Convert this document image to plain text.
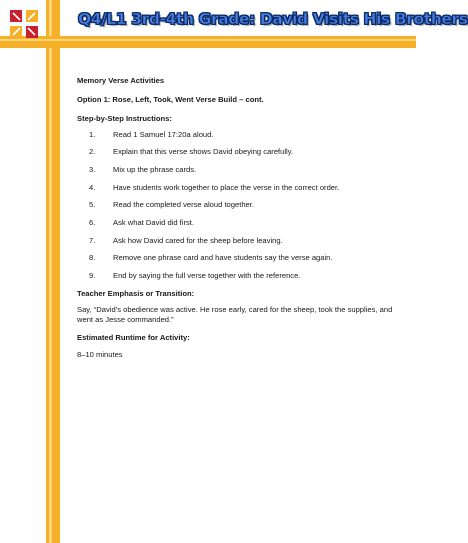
Q4/L1 3rd-4th Grade: David Visits His Brothers
Memory Verse Activities
Option 1: Rose, Left, Took, Went Verse Build – cont.
Step-by-Step Instructions:
1.	Read 1 Samuel 17:20a aloud.
2.	Explain that this verse shows David obeying carefully.
3.	Mix up the phrase cards.
4.	Have students work together to place the verse in the correct order.
5.	Read the completed verse aloud together.
6.	Ask what David did first.
7.	Ask how David cared for the sheep before leaving.
8.	Remove one phrase card and have students say the verse again.
9.	End by saying the full verse together with the reference.
Teacher Emphasis or Transition:

Say, “David’s obedience was active. He rose early, cared for the sheep, took the supplies, and went as Jesse commanded.”

Estimated Runtime for Activity:

8–10 minutes
